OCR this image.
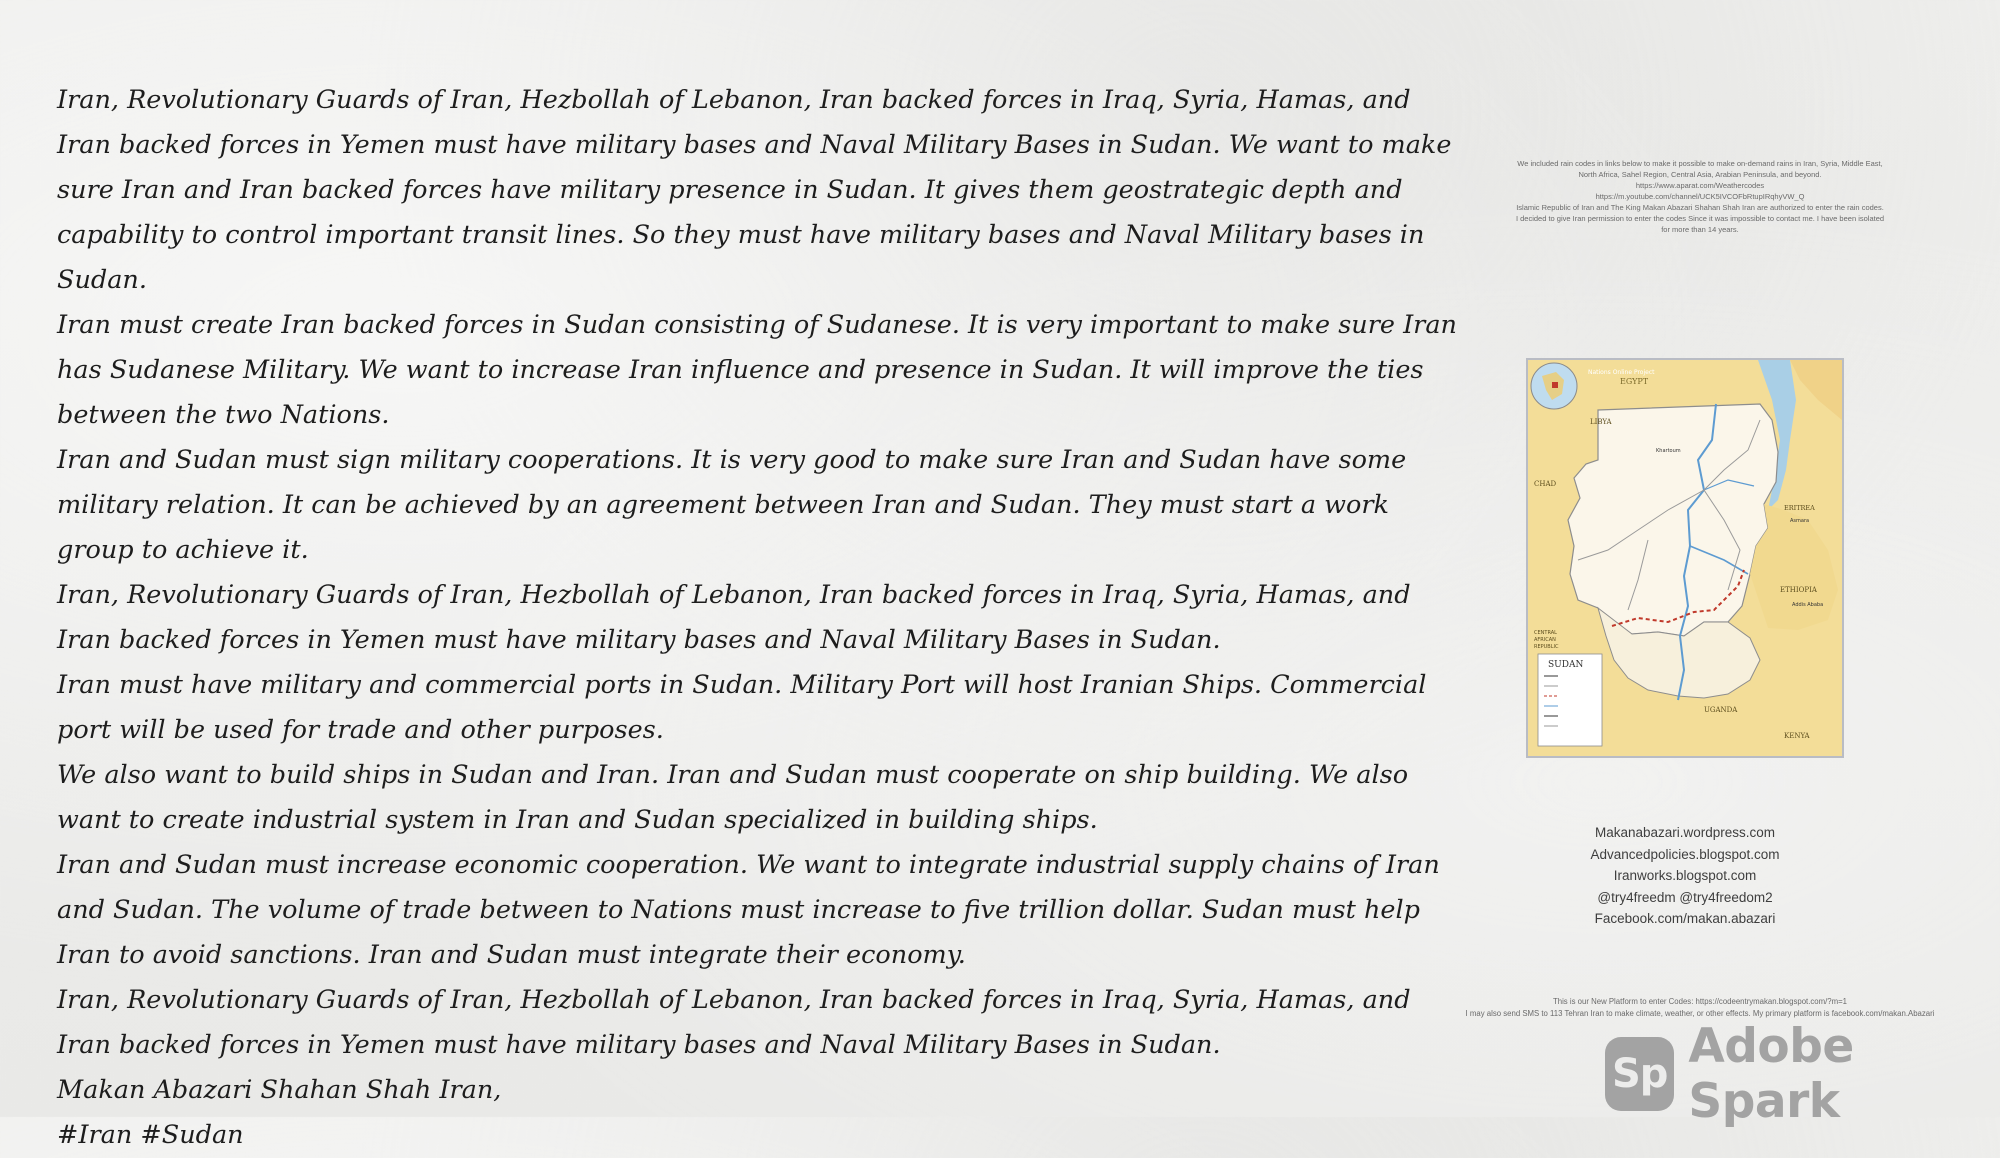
Iran, Revolutionary Guards of Iran, Hezbollah of Lebanon, Iran backed forces in Iraq, Syria, Hamas, and Iran backed forces in Yemen must have military bases and Naval Military Bases in Sudan. We want to make sure Iran and Iran backed forces have military presence in Sudan. It gives them geostrategic depth and capability to control important transit lines. So they must have military bases and Naval Military bases in Sudan.

Iran must create Iran backed forces in Sudan consisting of Sudanese. It is very important to make sure Iran has Sudanese Military. We want to increase Iran influence and presence in Sudan. It will improve the ties between the two Nations.

Iran and Sudan must sign military cooperations. It is very good to make sure Iran and Sudan have some military relation. It can be achieved by an agreement between Iran and Sudan. They must start a work group to achieve it.

Iran, Revolutionary Guards of Iran, Hezbollah of Lebanon, Iran backed forces in Iraq, Syria, Hamas, and Iran backed forces in Yemen must have military bases and Naval Military Bases in Sudan.

Iran must have military and commercial ports in Sudan. Military Port will host Iranian Ships. Commercial port will be used for trade and other purposes.

We also want to build ships in Sudan and Iran. Iran and Sudan must cooperate on ship building. We also want to create industrial system in Iran and Sudan specialized in building ships.

Iran and Sudan must increase economic cooperation. We want to integrate industrial supply chains of Iran and Sudan. The volume of trade between to Nations must increase to five trillion dollar. Sudan must help Iran to avoid sanctions. Iran and Sudan must integrate their economy.

Iran, Revolutionary Guards of Iran, Hezbollah of Lebanon, Iran backed forces in Iraq, Syria, Hamas, and Iran backed forces in Yemen must have military bases and Naval Military Bases in Sudan.

Makan Abazari Shahan Shah Iran,

#Iran #Sudan

We included rain codes in links below to make it possible to make on-demand rains in Iran, Syria, Middle East,
North Africa, Sahel Region, Central Asia, Arabian Peninsula, and beyond.
https://www.aparat.com/Weathercodes
https://m.youtube.com/channel/UCK5IVCOFbRtupIRqhyVW_Q
Islamic Republic of Iran and The King Makan Abazari Shahan Shah Iran are authorized to enter the rain codes.
I decided to give Iran permission to enter the codes Since it was impossible to contact me. I have been isolated
for more than 14 years.
EGYPT
Nations Online Project
LIBYA
CHAD
ERITREA
ETHIOPIA
CENTRAL
AFRICAN
REPUBLIC
UGANDA
KENYA
Khartoum
Addis Ababa
Asmara
SUDAN
Makanabazari.wordpress.com
Advancedpolicies.blogspot.com
Iranworks.blogspot.com
@try4freedm @try4freedom2
Facebook.com/makan.abazari
This is our New Platform to enter Codes: https://codeentrymakan.blogspot.com/?m=1
I may also send SMS to 113 Tehran Iran to make climate, weather, or other effects. My primary platform is facebook.com/makan.Abazari
Sp Adobe Spark
